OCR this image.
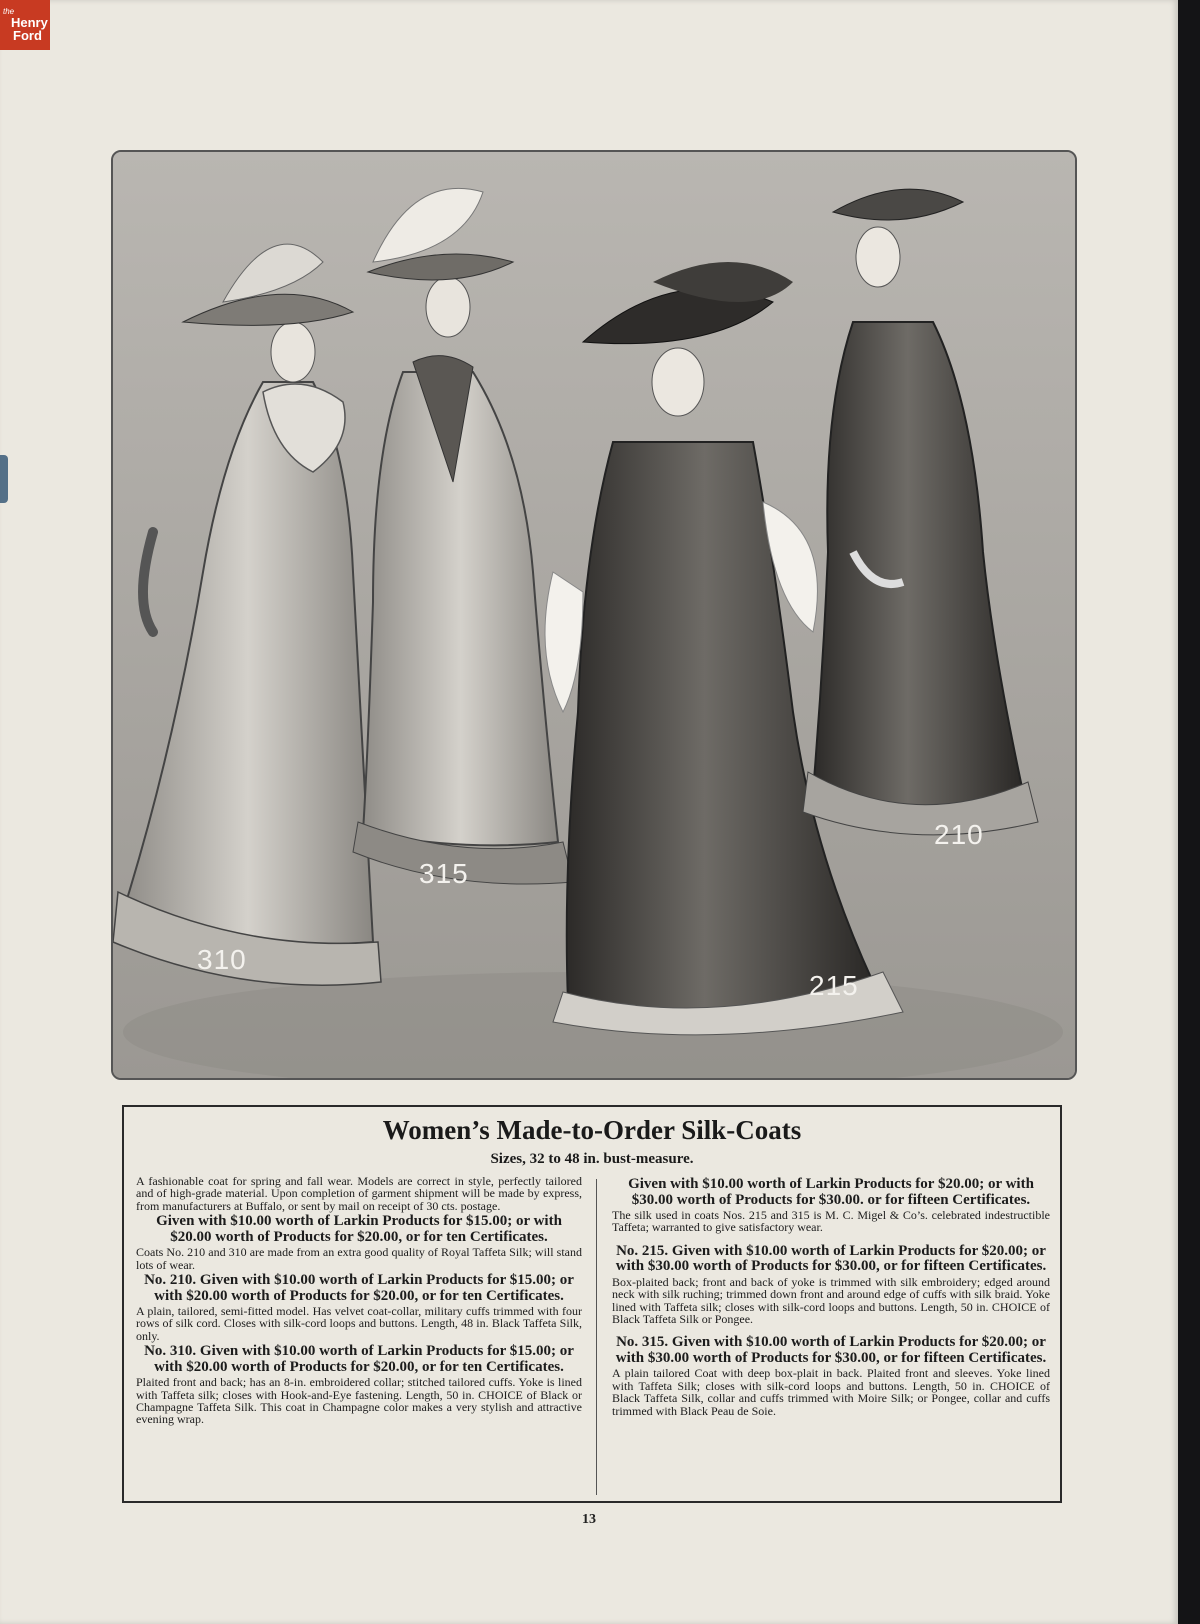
the
Henry
Ford
310
315
215
210
Women’s Made-to-Order Silk-Coats
Sizes, 32 to 48 in. bust-measure.

A fashionable coat for spring and fall wear. Models are correct in style, perfectly tailored and of high-grade material. Upon completion of garment shipment will be made by express, from manufacturers at Buffalo, or sent by mail on receipt of 30 cts. postage.

Given with $10.00 worth of Larkin Products for $15.00; or with $20.00 worth of Products for $20.00, or for ten Certificates.

Coats No. 210 and 310 are made from an extra good quality of Royal Taffeta Silk; will stand lots of wear.

No. 210. Given with $10.00 worth of Larkin Products for $15.00; or with $20.00 worth of Products for $20.00, or for ten Certificates.

A plain, tailored, semi-fitted model. Has velvet coat-collar, military cuffs trimmed with four rows of silk cord. Closes with silk-cord loops and buttons. Length, 48 in. Black Taffeta Silk, only.

No. 310. Given with $10.00 worth of Larkin Products for $15.00; or with $20.00 worth of Products for $20.00, or for ten Certificates.

Plaited front and back; has an 8-in. embroidered collar; stitched tailored cuffs. Yoke is lined with Taffeta silk; closes with Hook-and-Eye fastening. Length, 50 in. CHOICE of Black or Champagne Taffeta Silk. This coat in Champagne color makes a very stylish and attractive evening wrap.

Given with $10.00 worth of Larkin Products for $20.00; or with $30.00 worth of Products for $30.00. or for fifteen Certificates.

The silk used in coats Nos. 215 and 315 is M. C. Migel & Co’s. celebrated indestructible Taffeta; warranted to give satisfactory wear.

No. 215. Given with $10.00 worth of Larkin Products for $20.00; or with $30.00 worth of Products for $30.00, or for fifteen Certificates.

Box-plaited back; front and back of yoke is trimmed with silk embroidery; edged around neck with silk ruching; trimmed down front and around edge of cuffs with silk braid. Yoke lined with Taffeta silk; closes with silk-cord loops and buttons. Length, 50 in. CHOICE of Black Taffeta Silk or Pongee.

No. 315. Given with $10.00 worth of Larkin Products for $20.00; or with $30.00 worth of Products for $30.00, or for fifteen Certificates.

A plain tailored Coat with deep box-plait in back. Plaited front and sleeves. Yoke lined with Taffeta Silk; closes with silk-cord loops and buttons. Length, 50 in. CHOICE of Black Taffeta Silk, collar and cuffs trimmed with Moire Silk; or Pongee, collar and cuffs trimmed with Black Peau de Soie.

13
